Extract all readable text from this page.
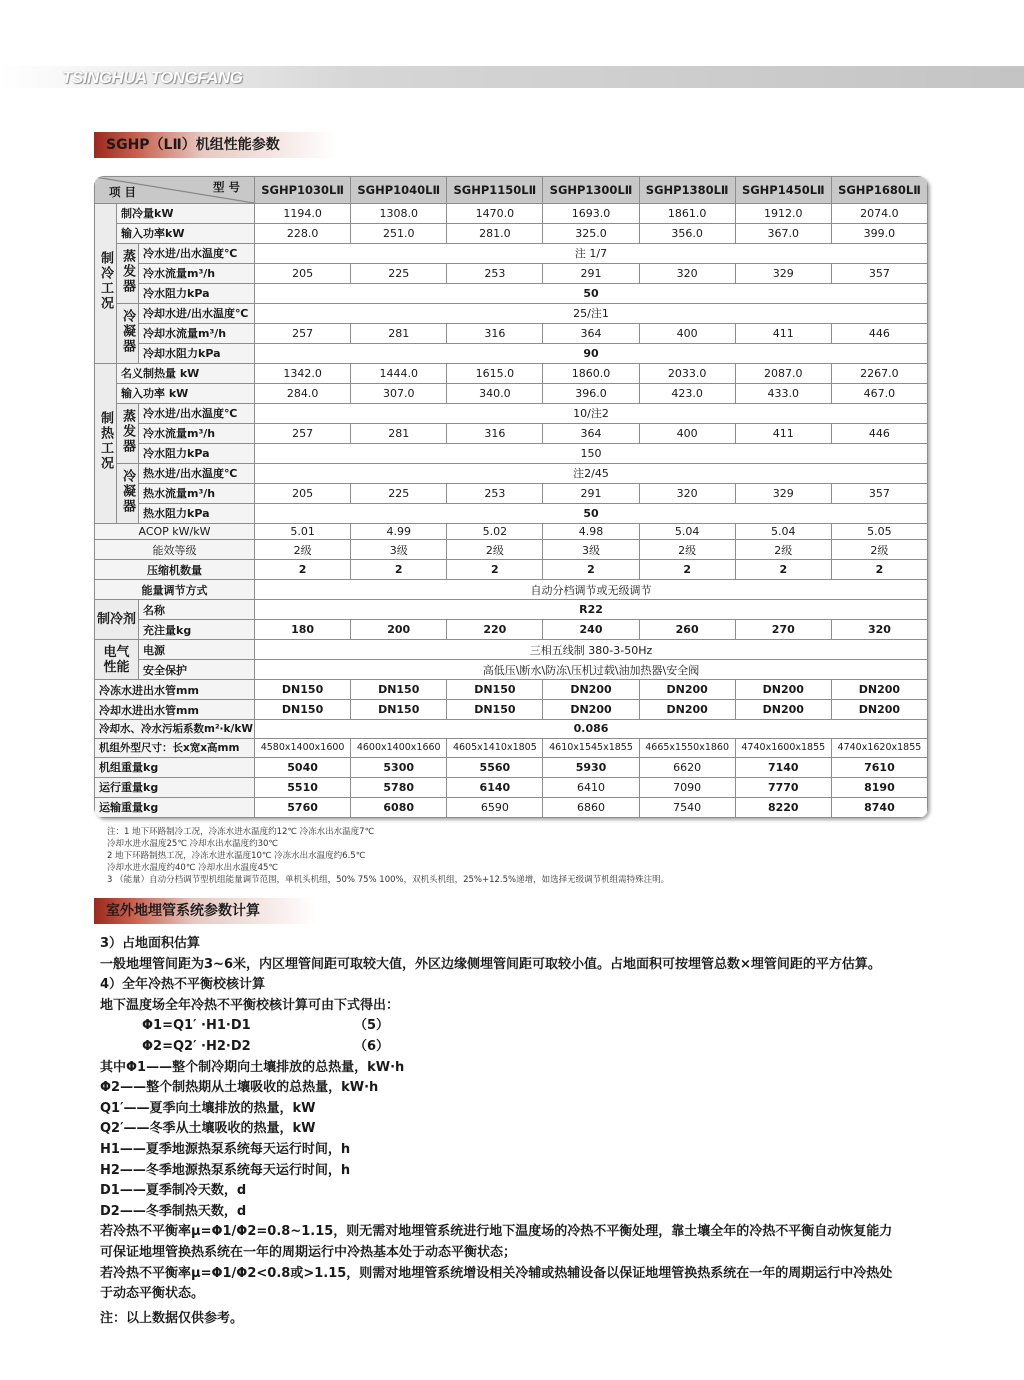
TSINGHUA TONGFANG
SGHP（LⅡ）机组性能参数
型 号
项 目			SGHP1030LⅡ	SGHP1040LⅡ	SGHP1150LⅡ	SGHP1300LⅡ	SGHP1380LⅡ	SGHP1450LⅡ	SGHP1680LⅡ
制冷工况	制冷量kW		1194.0	1308.0	1470.0	1693.0	1861.0	1912.0	2074.0
	输入功率kW		228.0	251.0	281.0	325.0	356.0	367.0	399.0
	蒸发器	冷水进/出水温度℃	注 1/7						
		冷水流量m³/h	205	225	253	291	320	329	357
		冷水阻力kPa	50						
	冷凝器	冷却水进/出水温度℃	25/注1						
		冷却水流量m³/h	257	281	316	364	400	411	446
		冷却水阻力kPa	90						
制热工况	名义制热量 kW		1342.0	1444.0	1615.0	1860.0	2033.0	2087.0	2267.0
	输入功率 kW		284.0	307.0	340.0	396.0	423.0	433.0	467.0
	蒸发器	冷水进/出水温度℃	10/注2						
		冷水流量m³/h	257	281	316	364	400	411	446
		冷水阻力kPa	150						
	冷凝器	热水进/出水温度℃	注2/45						
		热水流量m³/h	205	225	253	291	320	329	357
		热水阻力kPa	50						
ACOP kW/kW			5.01	4.99	5.02	4.98	5.04	5.04	5.05
能效等级			2级	3级	2级	3级	2级	2级	2级
压缩机数量			2	2	2	2	2	2	2
能量调节方式			自动分档调节或无级调节						
制冷剂		名称	R22						
		充注量kg	180	200	220	240	260	270	320
电气性能		电源	三相五线制 380-3-50Hz						
		安全保护	高低压\断水\防冻\压机过载\油加热器\安全阀						
冷冻水进出水管mm			DN150	DN150	DN150	DN200	DN200	DN200	DN200
冷却水进出水管mm			DN150	DN150	DN150	DN200	DN200	DN200	DN200
冷却水、冷水污垢系数m²·k/kW			0.086						
机组外型尺寸：长x宽x高mm			4580x1400x1600	4600x1400x1660	4605x1410x1805	4610x1545x1855	4665x1550x1860	4740x1600x1855	4740x1620x1855
机组重量kg			5040	5300	5560	5930	6620	7140	7610
运行重量kg			5510	5780	6140	6410	7090	7770	8190
运输重量kg			5760	6080	6590	6860	7540	8220	8740
注：1 地下环路制冷工况，冷冻水进水温度约12℃ 冷冻水出水温度7℃
冷却水进水温度25℃ 冷却水出水温度约30℃
2 地下环路制热工况，冷冻水进水温度10℃ 冷冻水出水温度约6.5℃
冷却水进水温度约40℃ 冷却水出水温度45℃
3 （能量）自动分档调节型机组能量调节范围，单机头机组，50% 75% 100%，双机头机组，25%+12.5%递增，如选择无级调节机组需特殊注明。
室外地埋管系统参数计算
3）占地面积估算
一般地埋管间距为3~6米，内区埋管间距可取较大值，外区边缘侧埋管间距可取较小值。占地面积可按埋管总数×埋管间距的平方估算。
4）全年冷热不平衡校核计算
地下温度场全年冷热不平衡校核计算可由下式得出：
Φ1=Q1′ ·H1·D1	（5）
Φ2=Q2′ ·H2·D2	（6）
其中Φ1——整个制冷期向土壤排放的总热量，kW·h
Φ2——整个制热期从土壤吸收的总热量，kW·h
Q1′——夏季向土壤排放的热量，kW
Q2′——冬季从土壤吸收的热量，kW
H1——夏季地源热泵系统每天运行时间，h
H2——冬季地源热泵系统每天运行时间，h
D1——夏季制冷天数，d
D2——冬季制热天数，d
若冷热不平衡率μ=Φ1/Φ2=0.8~1.15，则无需对地埋管系统进行地下温度场的冷热不平衡处理，靠土壤全年的冷热不平衡自动恢复能力
可保证地埋管换热系统在一年的周期运行中冷热基本处于动态平衡状态；
若冷热不平衡率μ=Φ1/Φ2<0.8或>1.15，则需对地埋管系统增设相关冷辅或热辅设备以保证地埋管换热系统在一年的周期运行中冷热处
于动态平衡状态。
注：以上数据仅供参考。
